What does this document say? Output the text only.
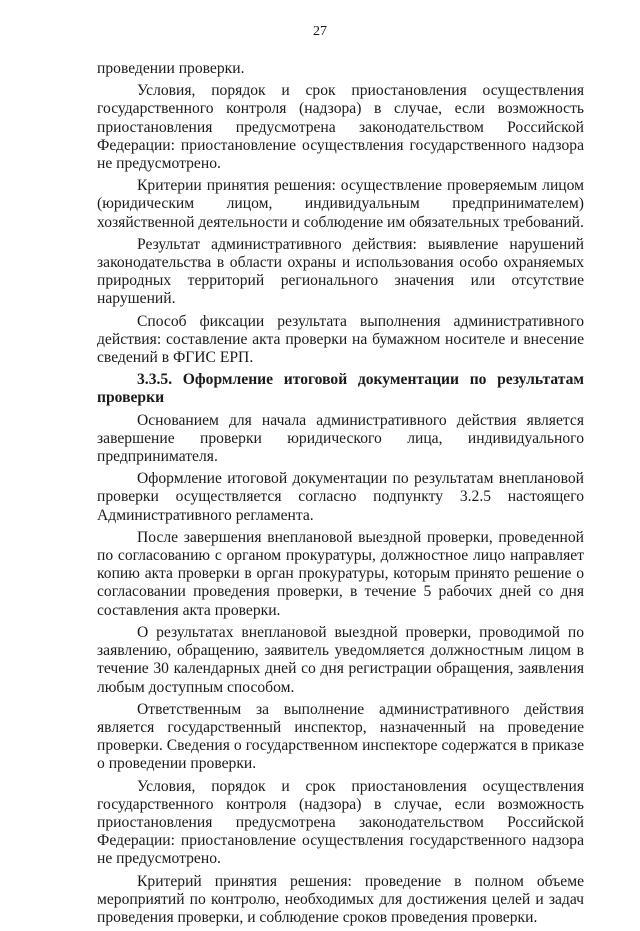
27

проведении проверки.

Условия, порядок и срок приостановления осуществления государственного контроля (надзора) в случае, если возможность приостановления предусмотрена законодательством Российской Федерации: приостановление осуществления государственного надзора не предусмотрено.

Критерии принятия решения: осуществление проверяемым лицом (юридическим лицом, индивидуальным предпринимателем) хозяйственной деятельности и соблюдение им обязательных требований.

Результат административного действия: выявление нарушений законодательства в области охраны и использования особо охраняемых природных территорий регионального значения или отсутствие нарушений.

Способ фиксации результата выполнения административного действия: составление акта проверки на бумажном носителе и внесение сведений в ФГИС ЕРП.

3.3.5. Оформление итоговой документации по результатам проверки

Основанием для начала административного действия является завершение проверки юридического лица, индивидуального предпринимателя.

Оформление итоговой документации по результатам внеплановой проверки осуществляется согласно подпункту 3.2.5 настоящего Административного регламента.

После завершения внеплановой выездной проверки, проведенной по согласованию с органом прокуратуры, должностное лицо направляет копию акта проверки в орган прокуратуры, которым принято решение о согласовании проведения проверки, в течение 5 рабочих дней со дня составления акта проверки.

О результатах внеплановой выездной проверки, проводимой по заявлению, обращению, заявитель уведомляется должностным лицом в течение 30 календарных дней со дня регистрации обращения, заявления любым доступным способом.

Ответственным за выполнение административного действия является государственный инспектор, назначенный на проведение проверки. Сведения о государственном инспекторе содержатся в приказе о проведении проверки.

Условия, порядок и срок приостановления осуществления государственного контроля (надзора) в случае, если возможность приостановления предусмотрена законодательством Российской Федерации: приостановление осуществления государственного надзора не предусмотрено.

Критерий принятия решения: проведение в полном объеме мероприятий по контролю, необходимых для достижения целей и задач проведения проверки, и соблюдение сроков проведения проверки.
